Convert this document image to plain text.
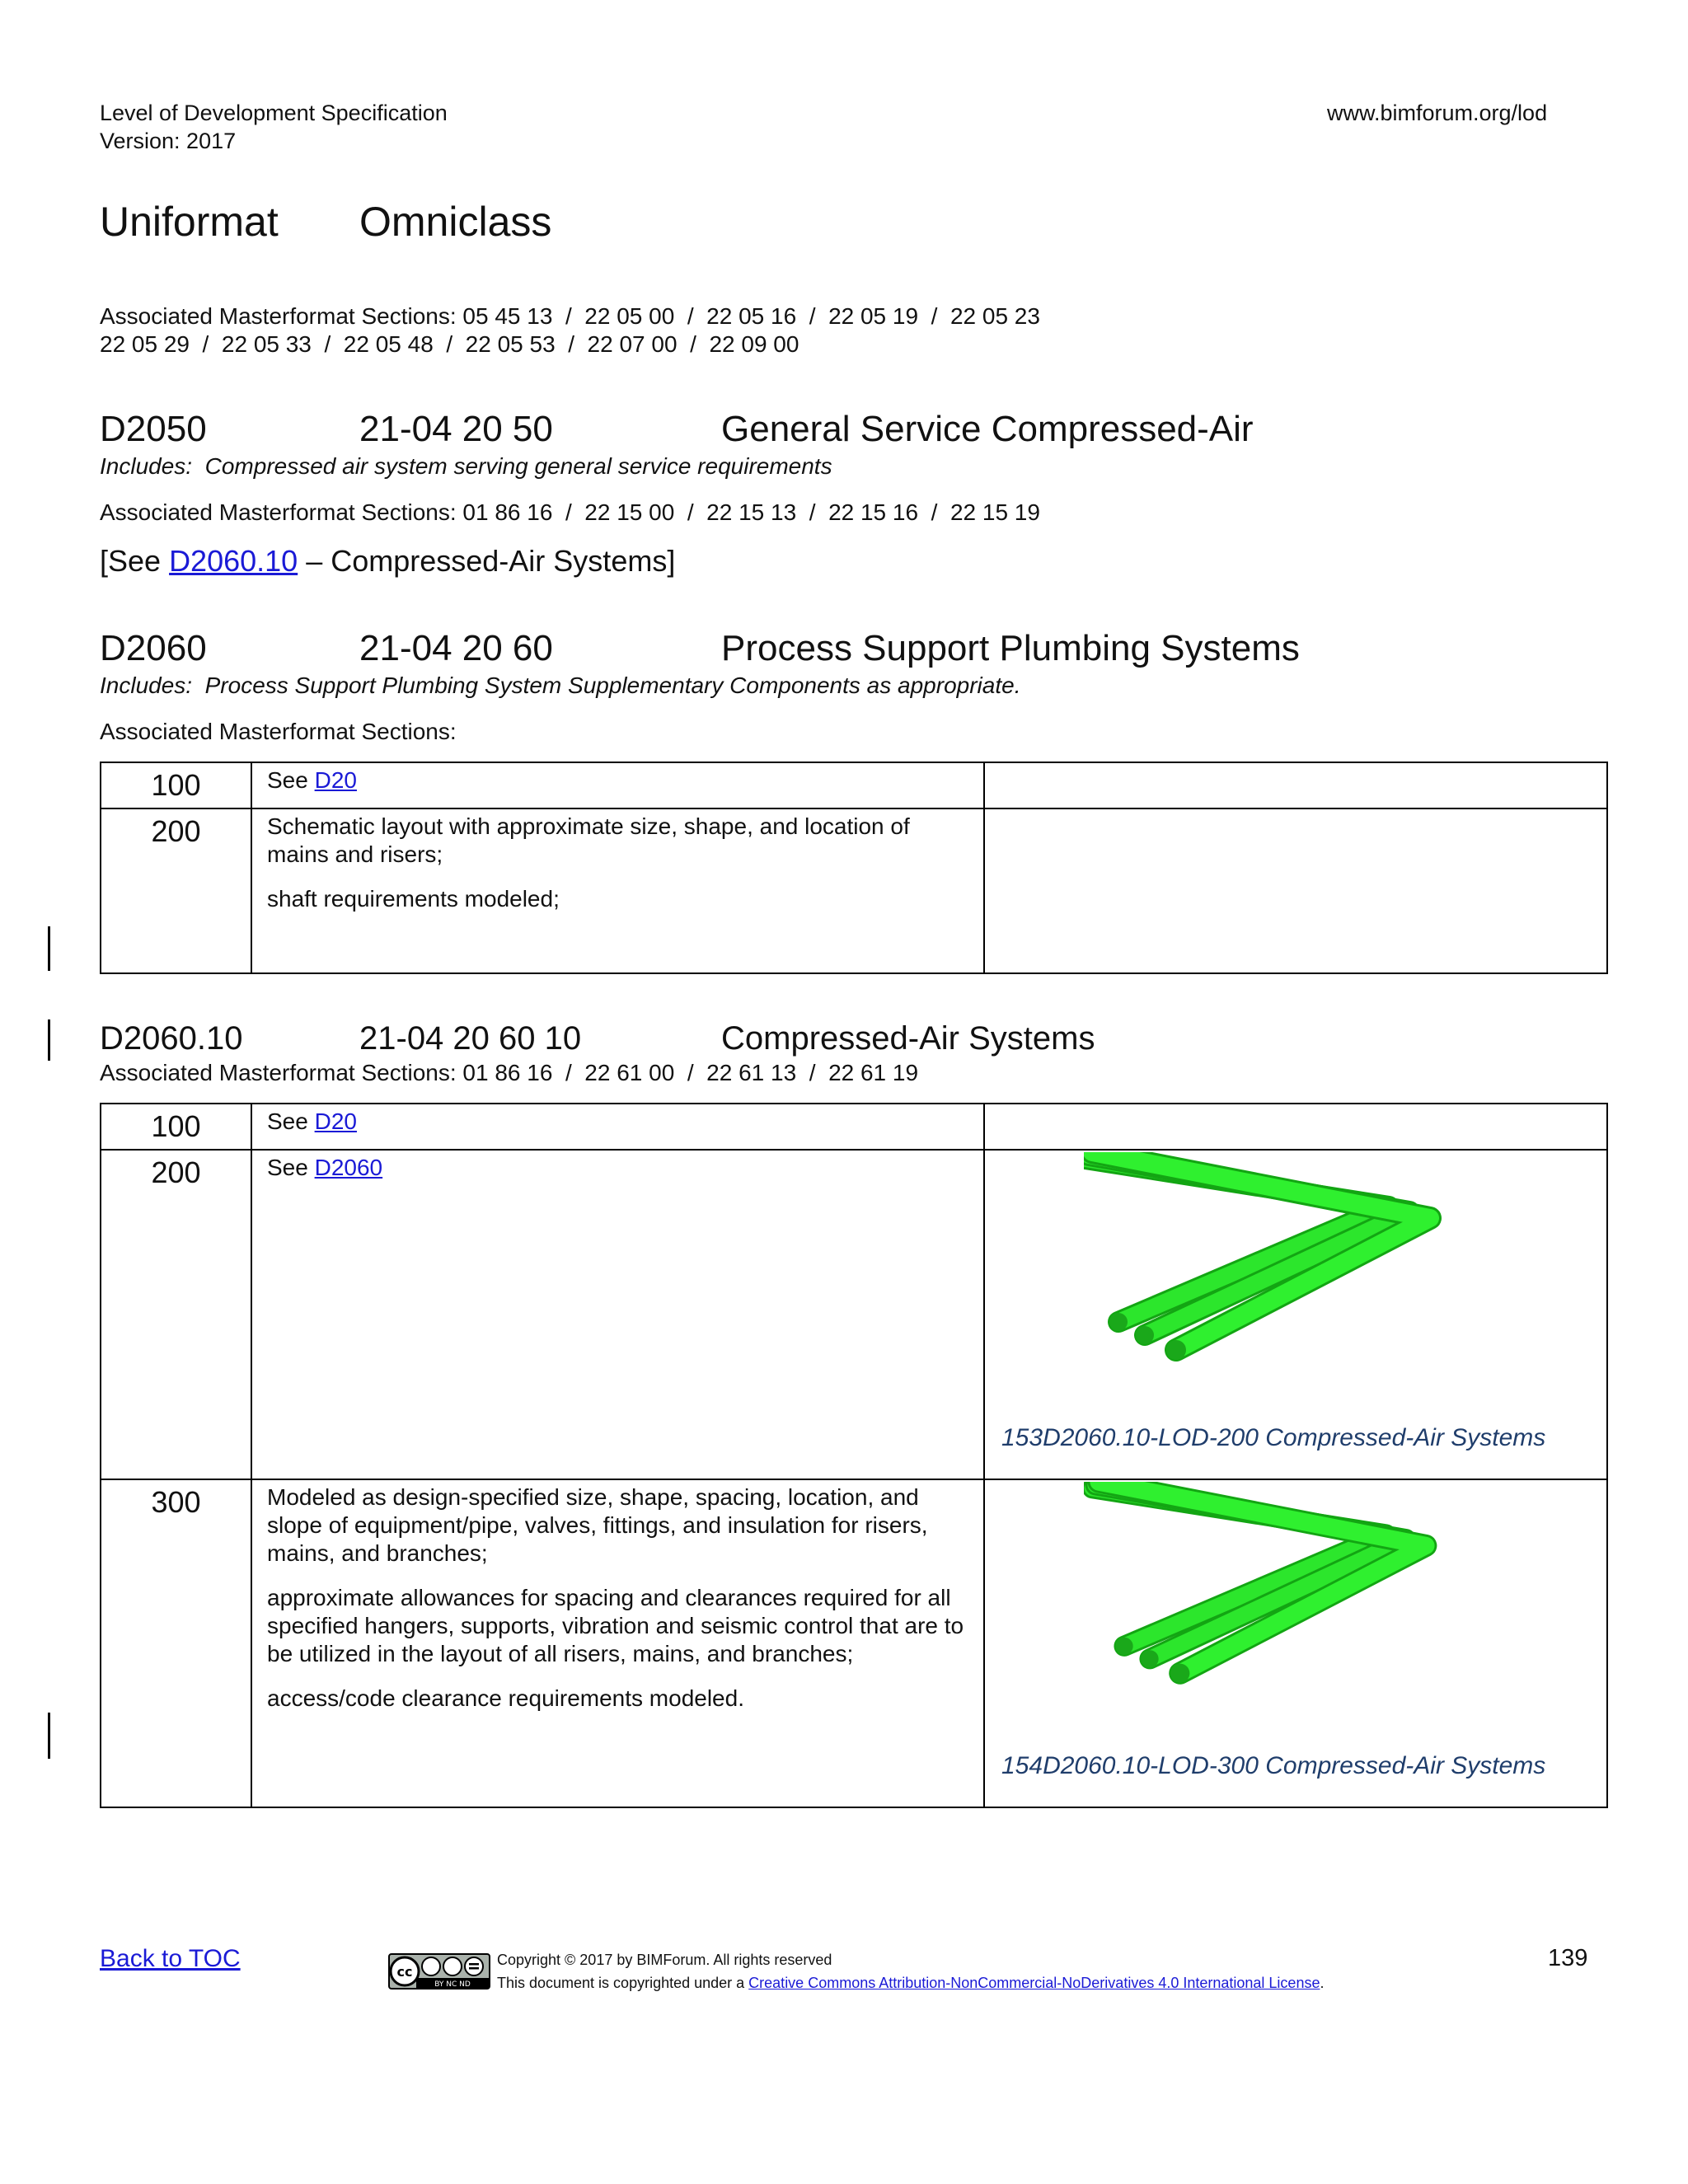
Level of Development Specification
Version: 2017
www.bimforum.org/lod
Uniformat Omniclass
Associated Masterformat Sections: 05 45 13  /  22 05 00  /  22 05 16  /  22 05 19  /  22 05 23
22 05 29  /  22 05 33  /  22 05 48  /  22 05 53  /  22 07 00  /  22 09 00
D2050	21-04 20 50	General Service Compressed-Air
Includes:  Compressed air system serving general service requirements
Associated Masterformat Sections: 01 86 16  /  22 15 00  /  22 15 13  /  22 15 16  /  22 15 19
[See D2060.10 – Compressed-Air Systems]
D2060	21-04 20 60	Process Support Plumbing Systems
Includes:  Process Support Plumbing System Supplementary Components as appropriate.
Associated Masterformat Sections:
100	See D20	
200	Schematic layout with approximate size, shape, and location of mains and risers;

shaft requirements modeled;	

D2060.10	21-04 20 60 10	Compressed-Air Systems
Associated Masterformat Sections: 01 86 16  /  22 61 00  /  22 61 13  /  22 61 19
100	See D20	
200	See D2060	153D2060.10-LOD-200 Compressed-Air Systems

300	Modeled as design-specified size, shape, spacing, location, and slope of equipment/pipe, valves, fittings, and insulation for risers, mains, and branches;

approximate allowances for spacing and clearances required for all specified hangers, supports, vibration and seismic control that are to be utilized in the layout of all risers, mains, and branches;

access/code clearance requirements modeled.	154D2060.10-LOD-300 Compressed-Air Systems
Back to TOC	cc
BY NC ND
Copyright © 2017 by BIMForum. All rights reserved
This document is copyrighted under a Creative Commons Attribution-NonCommercial-NoDerivatives 4.0 International License.
139
